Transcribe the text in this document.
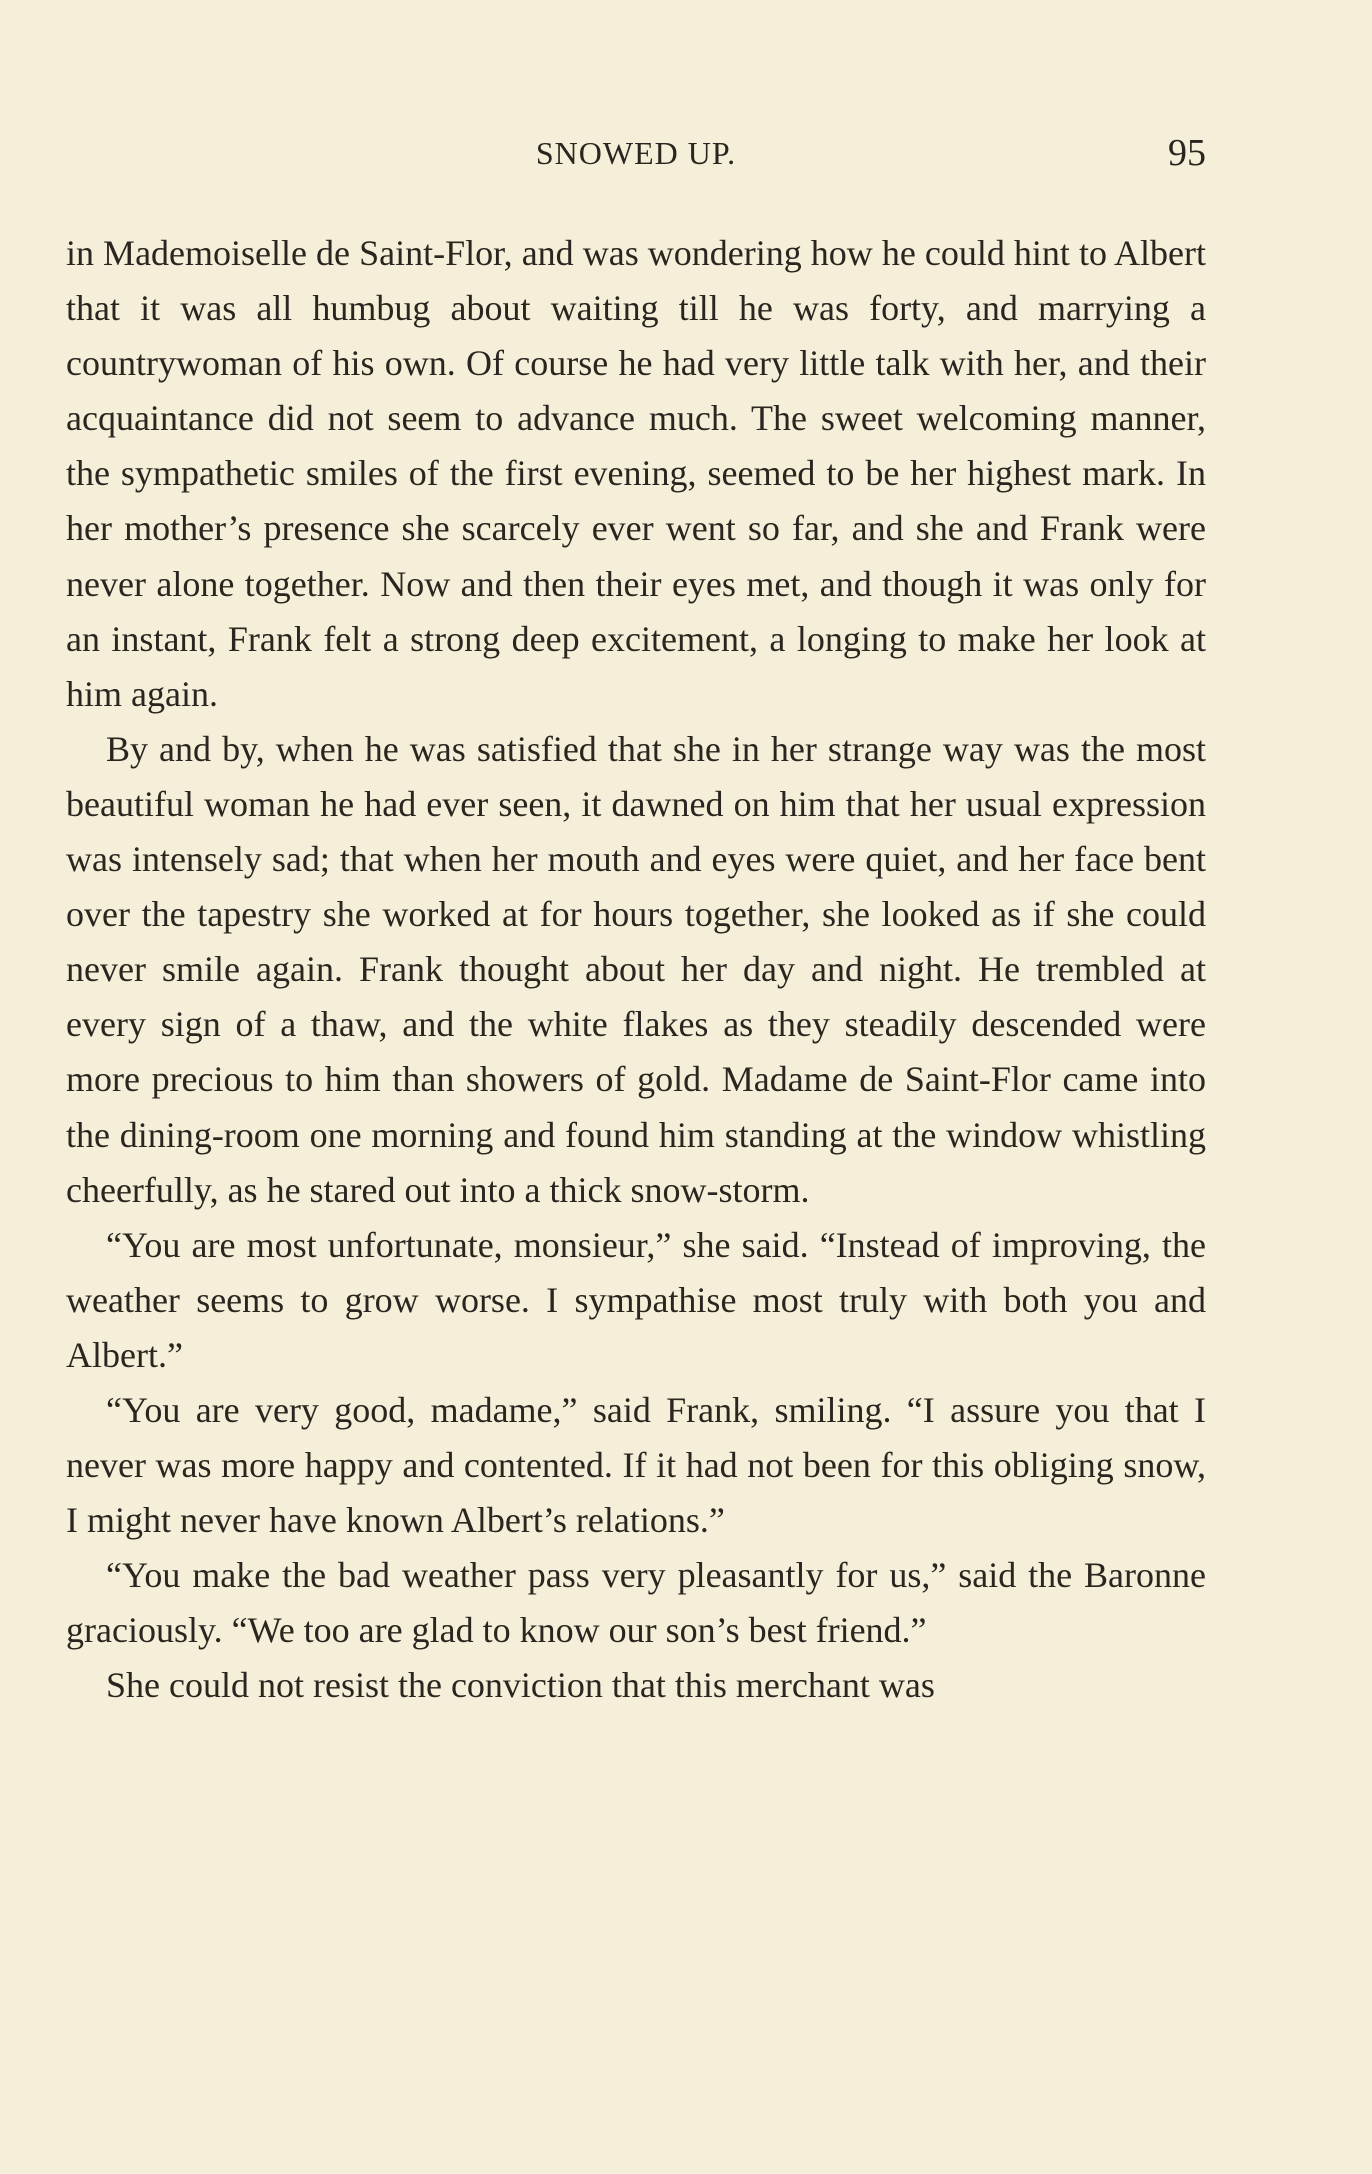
SNOWED UP.	95

in Mademoiselle de Saint-Flor, and was wondering how he could hint to Albert that it was all humbug about waiting till he was forty, and marrying a countrywoman of his own. Of course he had very little talk with her, and their acquaintance did not seem to advance much. The sweet welcoming manner, the sympathetic smiles of the first evening, seemed to be her highest mark. In her mother’s presence she scarcely ever went so far, and she and Frank were never alone together. Now and then their eyes met, and though it was only for an instant, Frank felt a strong deep excitement, a longing to make her look at him again.

By and by, when he was satisfied that she in her strange way was the most beautiful woman he had ever seen, it dawned on him that her usual expression was intensely sad; that when her mouth and eyes were quiet, and her face bent over the tapestry she worked at for hours together, she looked as if she could never smile again. Frank thought about her day and night. He trembled at every sign of a thaw, and the white flakes as they steadily descended were more precious to him than showers of gold. Madame de Saint-Flor came into the dining-room one morning and found him standing at the window whistling cheerfully, as he stared out into a thick snow-storm.

“You are most unfortunate, monsieur,” she said. “Instead of improving, the weather seems to grow worse. I sympathise most truly with both you and Albert.”

“You are very good, madame,” said Frank, smiling. “I assure you that I never was more happy and contented. If it had not been for this obliging snow, I might never have known Albert’s relations.”

“You make the bad weather pass very pleasantly for us,” said the Baronne graciously. “We too are glad to know our son’s best friend.”

She could not resist the conviction that this merchant was
